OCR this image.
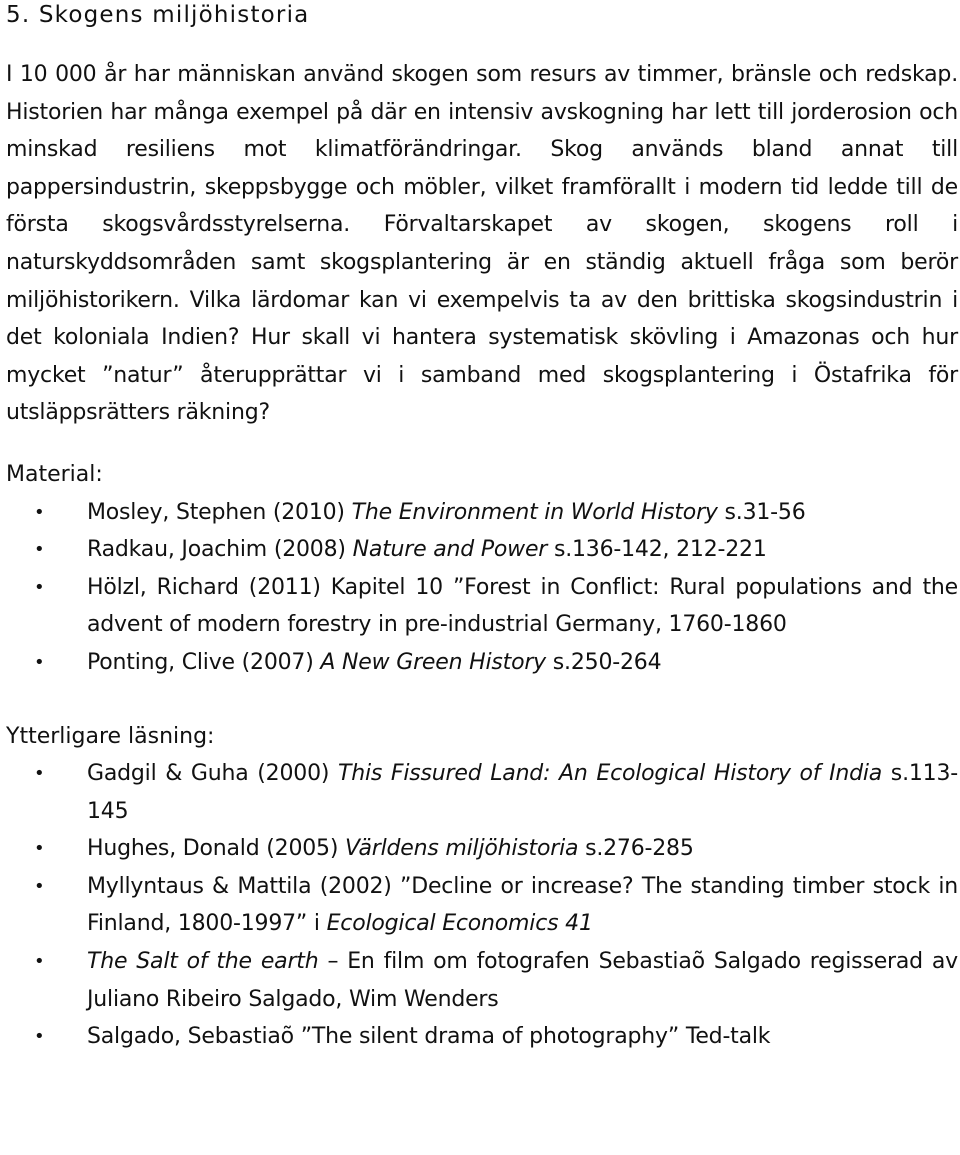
5. Skogens miljöhistoria

I 10 000 år har människan använd skogen som resurs av timmer, bränsle och redskap. Historien har många exempel på där en intensiv avskogning har lett till jorderosion och minskad resiliens mot klimatförändringar. Skog används bland annat till pappersindustrin, skeppsbygge och möbler, vilket framförallt i modern tid ledde till de första skogsvårdsstyrelserna. Förvaltarskapet av skogen, skogens roll i naturskyddsområden samt skogsplantering är en ständig aktuell fråga som berör miljöhistorikern. Vilka lärdomar kan vi exempelvis ta av den brittiska skogsindustrin i det koloniala Indien? Hur skall vi hantera systematisk skövling i Amazonas och hur mycket ”natur” återupprättar vi i samband med skogsplantering i Östafrika för utsläppsrätters räkning?

Material:
•	Mosley, Stephen (2010) The Environment in World History s.31-56
•	Radkau, Joachim (2008) Nature and Power s.136-142, 212-221
•	Hölzl, Richard (2011) Kapitel 10 ”Forest in Conflict: Rural populations and the advent of modern forestry in pre-industrial Germany, 1760-1860
•	Ponting, Clive (2007) A New Green History s.250-264
Ytterligare läsning:
•	Gadgil & Guha (2000) This Fissured Land: An Ecological History of India s.113-145
•	Hughes, Donald (2005) Världens miljöhistoria s.276-285
•	Myllyntaus & Mattila (2002) ”Decline or increase? The standing timber stock in Finland, 1800-1997” i Ecological Economics 41
•	The Salt of the earth – En film om fotografen Sebastiaõ Salgado regisserad av Juliano Ribeiro Salgado, Wim Wenders
•	Salgado, Sebastiaõ ”The silent drama of photography” Ted-talk
